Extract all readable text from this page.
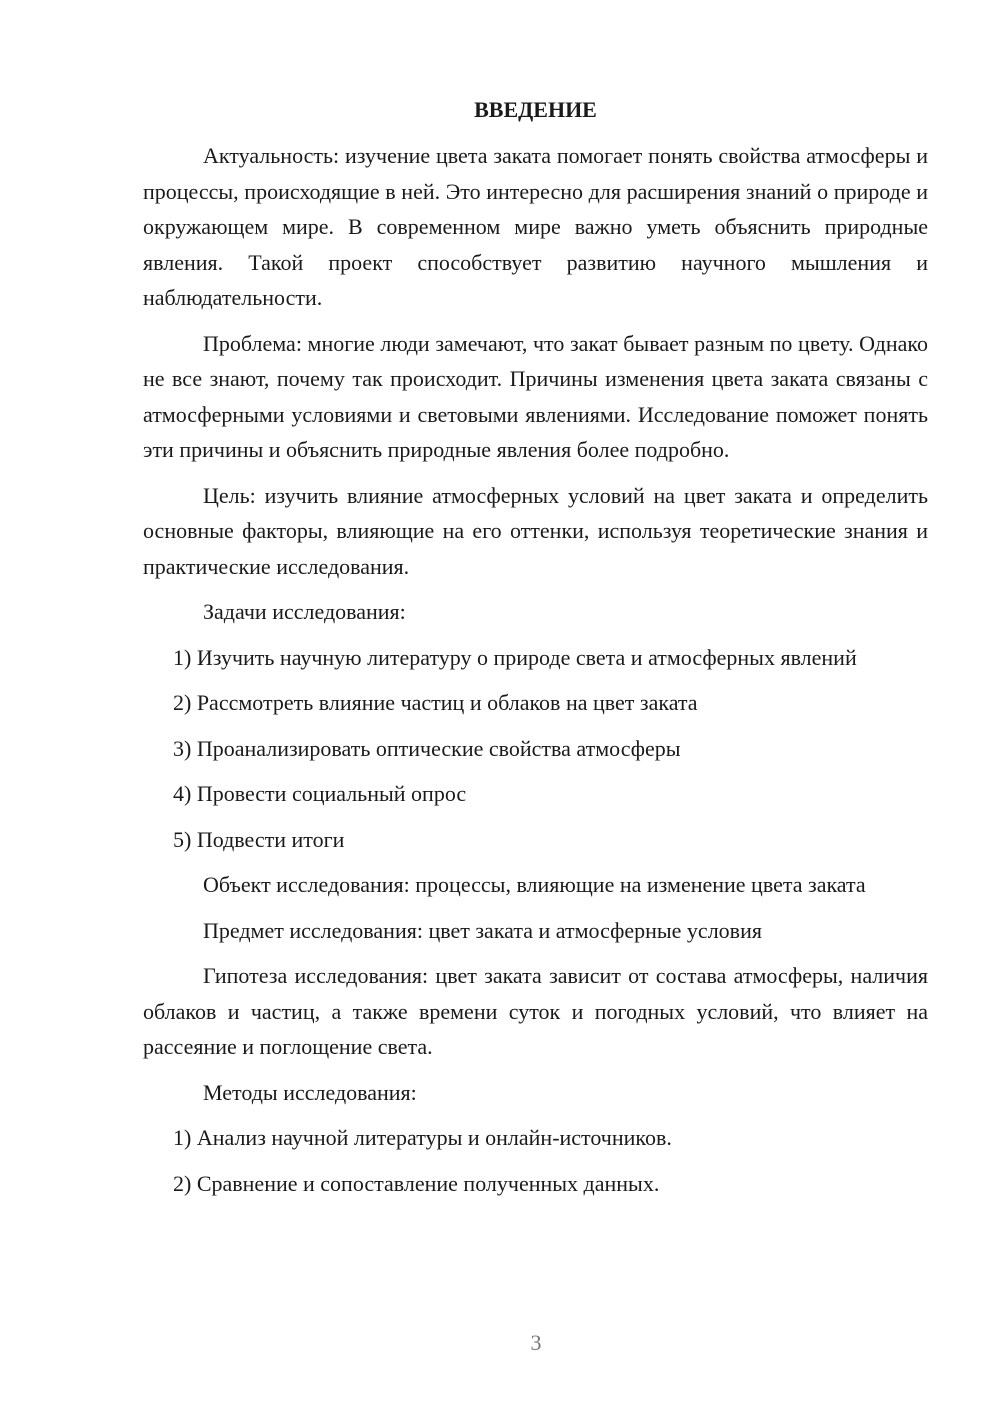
ВВЕДЕНИЕ

Актуальность: изучение цвета заката помогает понять свойства атмосферы и процессы, происходящие в ней. Это интересно для расширения знаний о природе и окружающем мире. В современном мире важно уметь объяснить природные явления. Такой проект способствует развитию научного мышления и наблюдательности.

Проблема: многие люди замечают, что закат бывает разным по цвету. Однако не все знают, почему так происходит. Причины изменения цвета заката связаны с атмосферными условиями и световыми явлениями. Исследование поможет понять эти причины и объяснить природные явления более подробно.

Цель: изучить влияние атмосферных условий на цвет заката и определить основные факторы, влияющие на его оттенки, используя теоретические знания и практические исследования.

Задачи исследования:

1) Изучить научную литературу о природе света и атмосферных явлений

2) Рассмотреть влияние частиц и облаков на цвет заката

3) Проанализировать оптические свойства атмосферы

4) Провести социальный опрос

5) Подвести итоги

Объект исследования: процессы, влияющие на изменение цвета заката

Предмет исследования: цвет заката и атмосферные условия

Гипотеза исследования: цвет заката зависит от состава атмосферы, наличия облаков и частиц, а также времени суток и погодных условий, что влияет на рассеяние и поглощение света.

Методы исследования:

1) Анализ научной литературы и онлайн-источников.

2) Сравнение и сопоставление полученных данных.

3
